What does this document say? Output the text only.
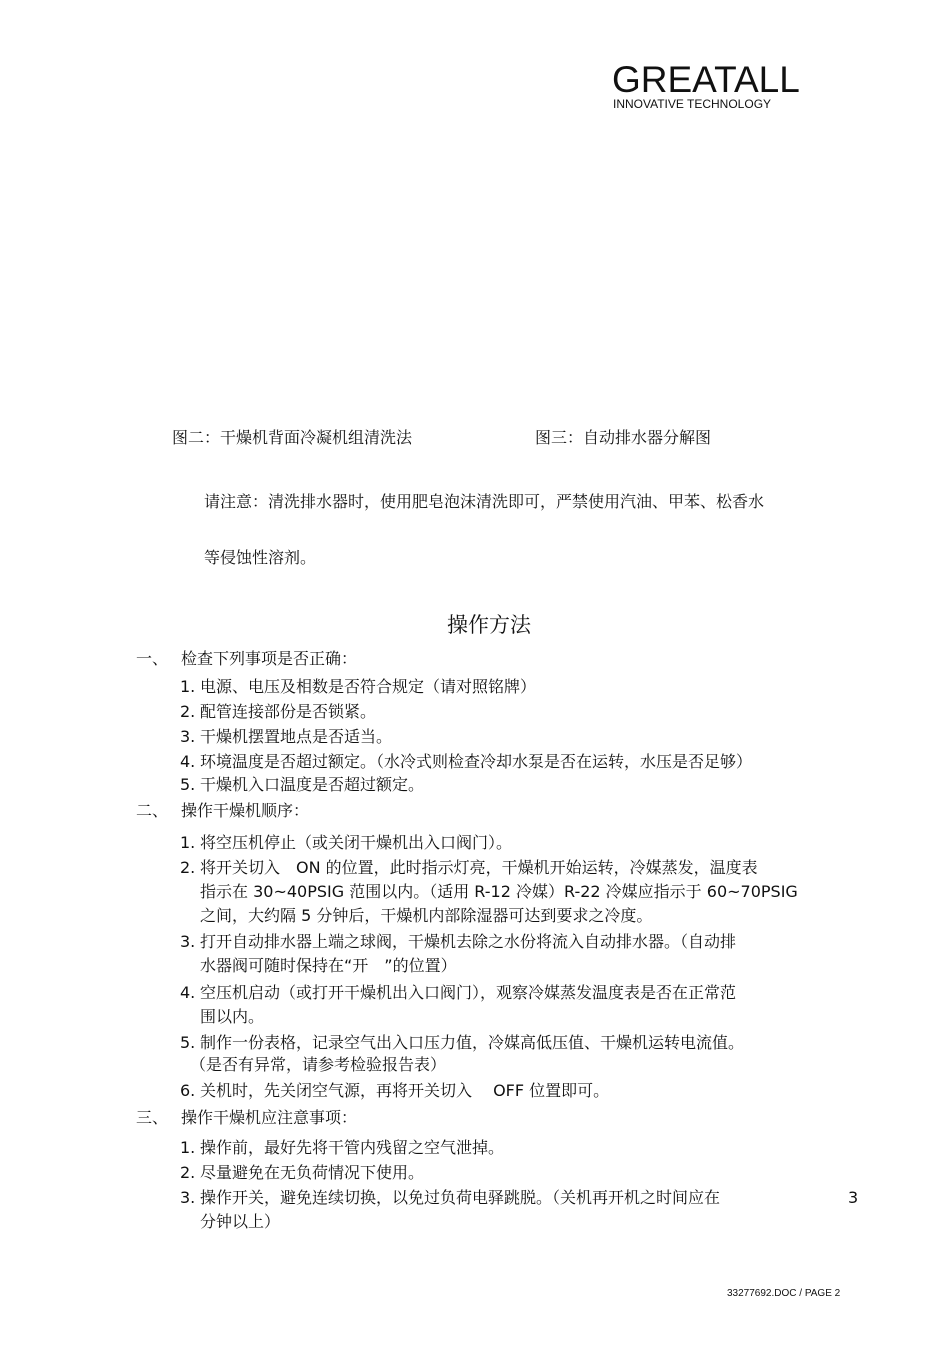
GREATALL
INNOVATIVE TECHNOLOGY
图二：干燥机背面冷凝机组清洗法	图三：自动排水器分解图
请注意：清洗排水器时，使用肥皂泡沫清洗即可，严禁使用汽油、甲苯、松香水
等侵蚀性溶剂。
操作方法
一、 检查下列事项是否正确：
1. 电源、电压及相数是否符合规定（请对照铭牌）
2. 配管连接部份是否锁紧。
3. 干燥机摆置地点是否适当。
4. 环境温度是否超过额定。（水冷式则检查冷却水泵是否在运转，水压是否足够）
5. 干燥机入口温度是否超过额定。
二、 操作干燥机顺序：
1. 将空压机停止（或关闭干燥机出入口阀门）。
2. 将开关切入　ON 的位置，此时指示灯亮，干燥机开始运转，冷媒蒸发，温度表
指示在 30~40PSIG 范围以内。（适用 R-12 冷媒）R-22 冷媒应指示于 60~70PSIG
之间，大约隔 5 分钟后，干燥机内部除湿器可达到要求之冷度。
3. 打开自动排水器上端之球阀，干燥机去除之水份将流入自动排水器。（自动排
水器阀可随时保持在“开　”的位置）
4. 空压机启动（或打开干燥机出入口阀门），观察冷媒蒸发温度表是否在正常范
围以内。
5. 制作一份表格，记录空气出入口压力值，冷媒高低压值、干燥机运转电流值。
（是否有异常，请参考检验报告表）
6. 关机时，先关闭空气源，再将开关切入　 OFF 位置即可。
三、 操作干燥机应注意事项：
1. 操作前，最好先将干管内残留之空气泄掉。
2. 尽量避免在无负荷情况下使用。
3. 操作开关，避免连续切换，以免过负荷电驿跳脱。（关机再开机之时间应在	3
分钟以上）
33277692.DOC / PAGE 2
